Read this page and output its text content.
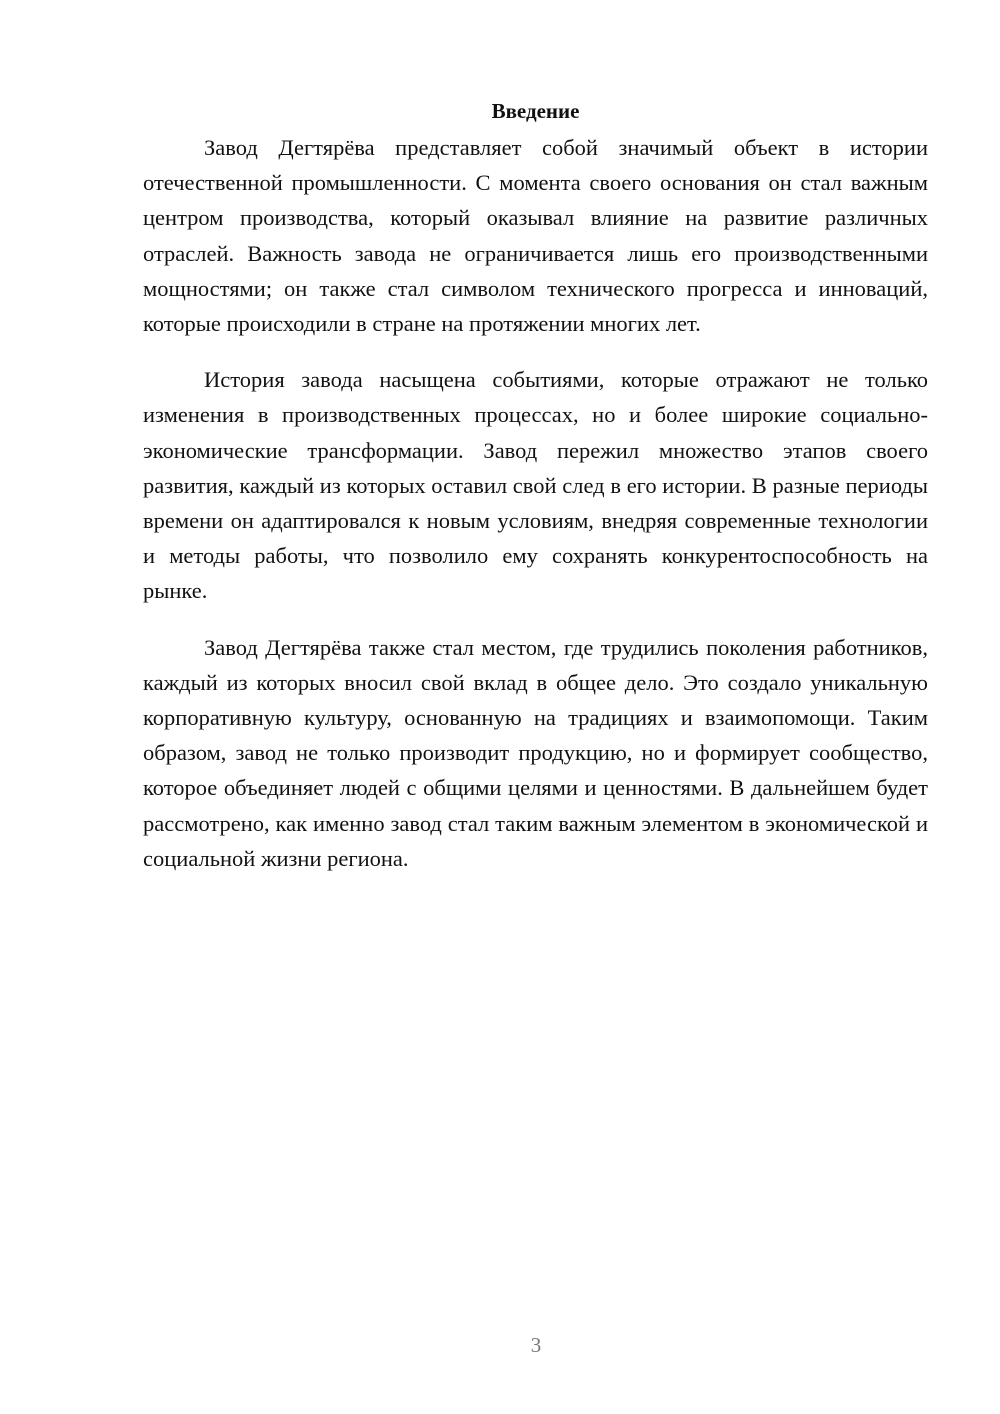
Введение

Завод Дегтярёва представляет собой значимый объект в истории отечественной промышленности. С момента своего основания он стал важным центром производства, который оказывал влияние на развитие различных отраслей. Важность завода не ограничивается лишь его производственными мощностями; он также стал символом технического прогресса и инноваций, которые происходили в стране на протяжении многих лет.

История завода насыщена событиями, которые отражают не только изменения в производственных процессах, но и более широкие социально-экономические трансформации. Завод пережил множество этапов своего развития, каждый из которых оставил свой след в его истории. В разные периоды времени он адаптировался к новым условиям, внедряя современные технологии и методы работы, что позволило ему сохранять конкурентоспособность на рынке.

Завод Дегтярёва также стал местом, где трудились поколения работников, каждый из которых вносил свой вклад в общее дело. Это создало уникальную корпоративную культуру, основанную на традициях и взаимопомощи. Таким образом, завод не только производит продукцию, но и формирует сообщество, которое объединяет людей с общими целями и ценностями. В дальнейшем будет рассмотрено, как именно завод стал таким важным элементом в экономической и социальной жизни региона.

3
